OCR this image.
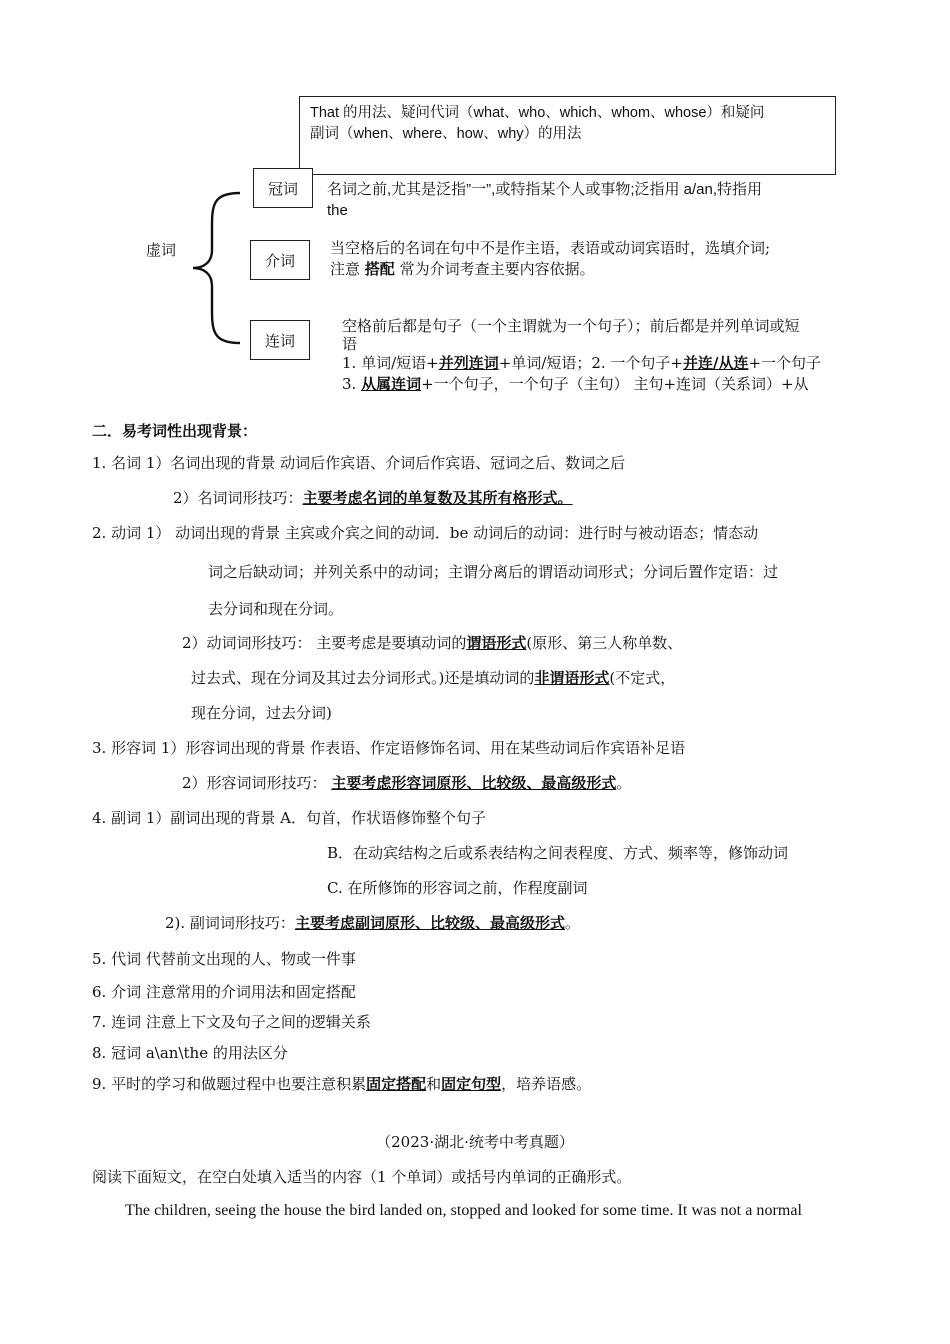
That 的用法、疑问代词（what、who、which、whom、whose）和疑问
副词（when、where、how、why）的用法
虚词
冠词	名词之前,尤其是泛指”一”,或特指某个人或事物;泛指用 a/an,特指用
the
介词
当空格后的名词在句中不是作主语，表语或动词宾语时，选填介词;
注意 搭配 常为介词考查主要内容依据。
连词
空格前后都是句子（一个主谓就为一个句子）；前后都是并列单词或短
语
1. 单词/短语+并列连词+单词/短语；2. 一个句子+并连/从连+一个句子
3. 从属连词+一个句子，一个句子（主句） 主句+连词（关系词）+从
二．易考词性出现背景：
1. 名词 1）名词出现的背景 动词后作宾语、介词后作宾语、冠词之后、数词之后
2）名词词形技巧：主要考虑名词的单复数及其所有格形式。
2. 动词 1） 动词出现的背景 主宾或介宾之间的动词．be 动词后的动词：进行时与被动语态；情态动
词之后缺动词；并列关系中的动词；主谓分离后的谓语动词形式；分词后置作定语：过
去分词和现在分词。
2）动词词形技巧： 主要考虑是要填动词的谓语形式(原形、第三人称单数、
过去式、现在分词及其过去分词形式。)还是填动词的非谓语形式(不定式，
现在分词，过去分词)
3. 形容词 1）形容词出现的背景 作表语、作定语修饰名词、用在某些动词后作宾语补足语
2）形容词词形技巧： 主要考虑形容词原形、比较级、最高级形式。
4. 副词 1）副词出现的背景 A．句首，作状语修饰整个句子
B．在动宾结构之后或系表结构之间表程度、方式、频率等，修饰动词
C. 在所修饰的形容词之前，作程度副词
2). 副词词形技巧：主要考虑副词原形、比较级、最高级形式。
5. 代词 代替前文出现的人、物或一件事
6. 介词 注意常用的介词用法和固定搭配
7. 连词 注意上下文及句子之间的逻辑关系
8. 冠词 a\an\the 的用法区分
9. 平时的学习和做题过程中也要注意积累固定搭配和固定句型，培养语感。
（2023·湖北·统考中考真题）
阅读下面短文，在空白处填入适当的内容（1 个单词）或括号内单词的正确形式。
The children, seeing the house the bird landed on, stopped and looked for some time. It was not a normal
